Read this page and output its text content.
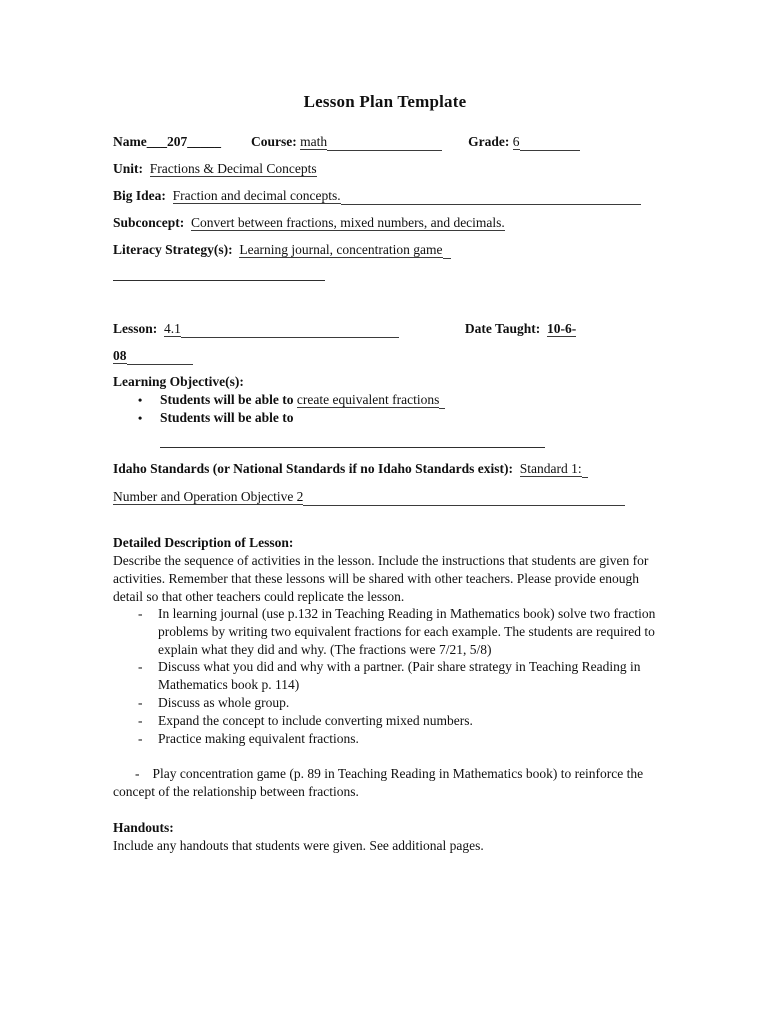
Lesson Plan Template
Name___207_____ Course: math	Grade: 6
Unit: Fractions & Decimal Concepts
Big Idea: Fraction and decimal concepts.
Subconcept: Convert between fractions, mixed numbers, and decimals.
Literacy Strategy(s): Learning journal, concentration game
Lesson: 4.1	Date Taught: 10-6-
08
Learning Objective(s):
•	Students will be able to create equivalent fractions
•	Students will be able to
Idaho Standards (or National Standards if no Idaho Standards exist): Standard 1:
Number and Operation Objective 2
Detailed Description of Lesson:
Describe the sequence of activities in the lesson. Include the instructions that students are given for activities. Remember that these lessons will be shared with other teachers. Please provide enough detail so that other teachers could replicate the lesson.
-	In learning journal (use p.132 in Teaching Reading in Mathematics book) solve two fraction problems by writing two equivalent fractions for each example. The students are required to explain what they did and why. (The fractions were 7/21, 5/8)
-	Discuss what you did and why with a partner. (Pair share strategy in Teaching Reading in Mathematics book p. 114)
-	Discuss as whole group.
-	Expand the concept to include converting mixed numbers.
-	Practice making equivalent fractions.
- Play concentration game (p. 89 in Teaching Reading in Mathematics book) to reinforce the concept of the relationship between fractions.
Handouts:
Include any handouts that students were given. See additional pages.
